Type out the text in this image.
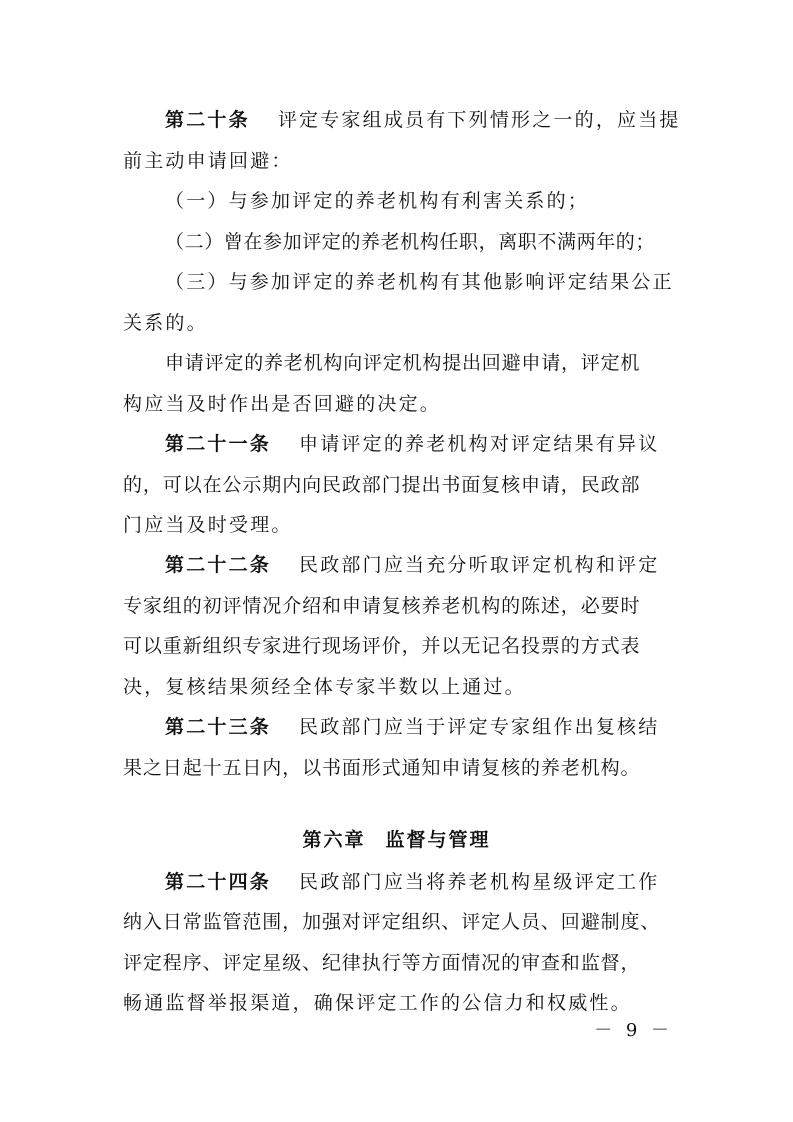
第二十条 评定专家组成员有下列情形之一的，应当提
前主动申请回避：
（一）与参加评定的养老机构有利害关系的；
（二）曾在参加评定的养老机构任职，离职不满两年的；
（三）与参加评定的养老机构有其他影响评定结果公正
关系的。
申请评定的养老机构向评定机构提出回避申请，评定机
构应当及时作出是否回避的决定。
第二十一条 申请评定的养老机构对评定结果有异议
的，可以在公示期内向民政部门提出书面复核申请，民政部
门应当及时受理。
第二十二条 民政部门应当充分听取评定机构和评定
专家组的初评情况介绍和申请复核养老机构的陈述，必要时
可以重新组织专家进行现场评价，并以无记名投票的方式表
决，复核结果须经全体专家半数以上通过。
第二十三条 民政部门应当于评定专家组作出复核结
果之日起十五日内，以书面形式通知申请复核的养老机构。
第六章 监督与管理
第二十四条 民政部门应当将养老机构星级评定工作
纳入日常监管范围，加强对评定组织、评定人员、回避制度、
评定程序、评定星级、纪律执行等方面情况的审查和监督，
畅通监督举报渠道，确保评定工作的公信力和权威性。
－ 9 －
